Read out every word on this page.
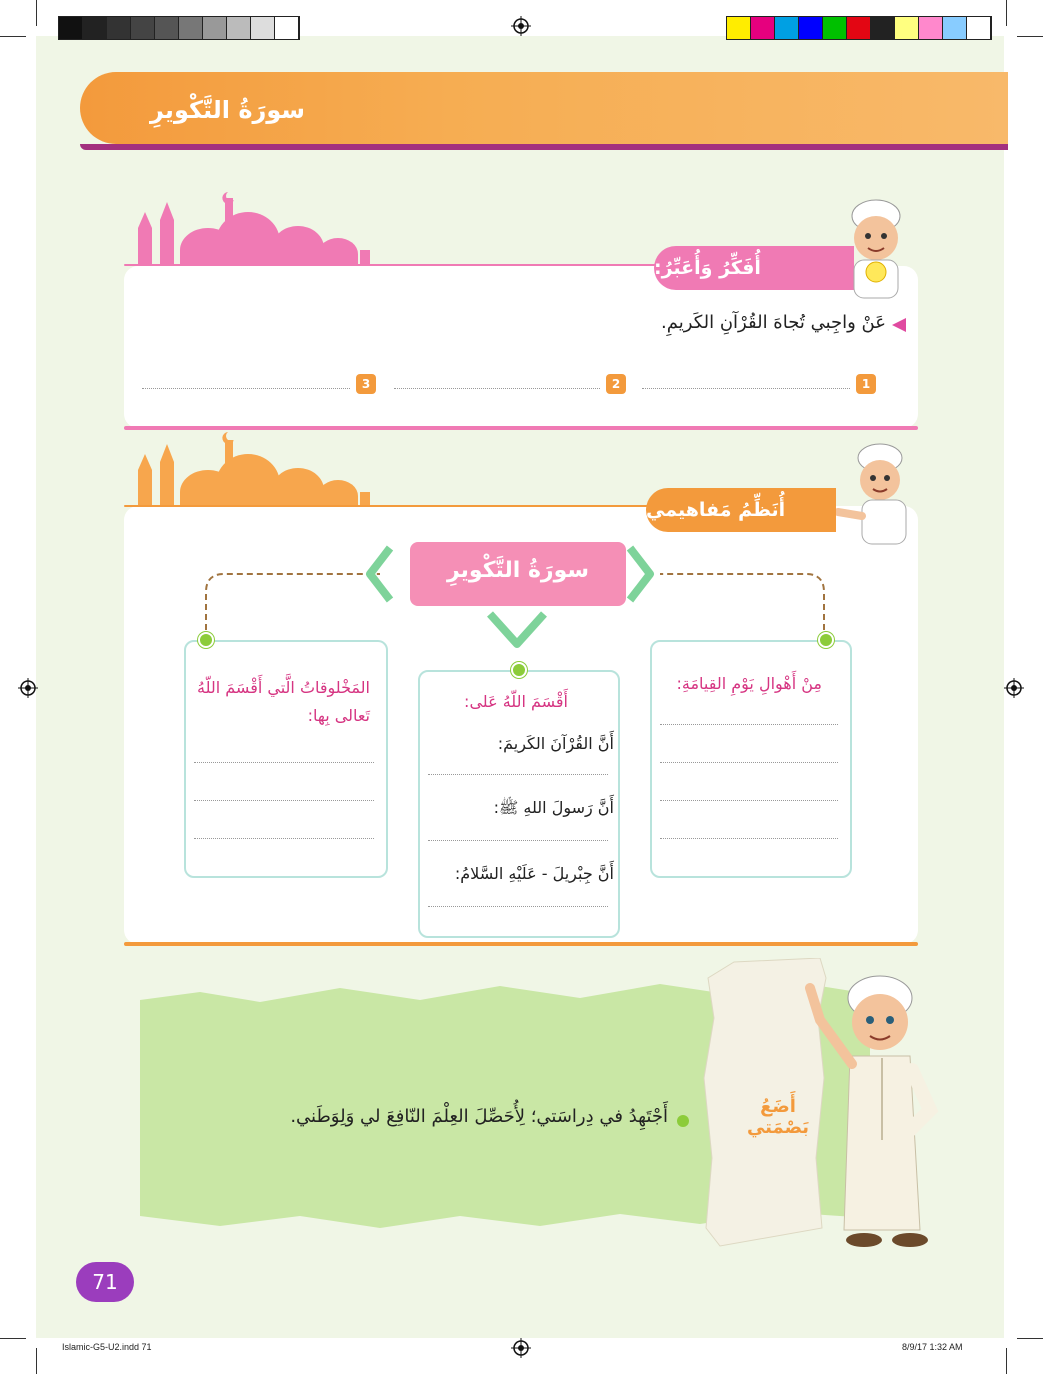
سورَةُ التَّكْويرِ
أُفَكِّرُ وَأُعَبِّرُ:
عَنْ واجِبي تُجاهَ القُرْآنِ الكَريمِ.
1
2
3
أُنَظِّمُ مَفاهيمي
سورَةُ التَّكْويرِ
مِنْ أَهْوالِ يَوْمِ القِيامَةِ:
أَقْسَمَ اللّهُ عَلى:
أَنَّ القُرْآنَ الكَريمَ:
أَنَّ رَسولَ اللهِ ﷺ:
أَنَّ جِبْريلَ - عَلَيْهِ السَّلامُ:
المَخْلوقاتُ الَّتي أَقْسَمَ اللّهُ تَعالى بِها:
أَضَعُ بَصْمَتي
أَجْتَهِدُ في دِراسَتي؛ لِأُحَصِّلَ العِلْمَ النّافِعَ لي وَلِوَطَني.
71
Islamic-G5-U2.indd 71	8/9/17 1:32 AM
